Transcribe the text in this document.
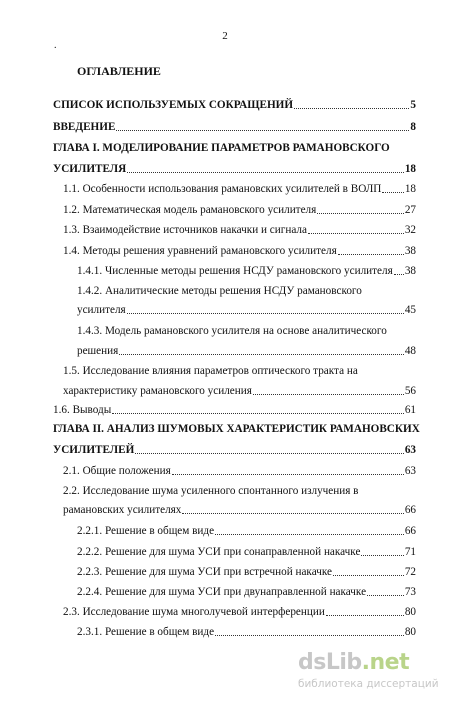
2
.
ОГЛАВЛЕНИЕ
СПИСОК ИСПОЛЬЗУЕМЫХ СОКРАЩЕНИЙ	5
ВВЕДЕНИЕ	8
ГЛАВА I. МОДЕЛИРОВАНИЕ ПАРАМЕТРОВ РАМАНОВСКОГО
УСИЛИТЕЛЯ	18
1.1. Особенности использования рамановских усилителей в ВОЛП 18
1.2. Математическая модель рамановского усилителя	27
1.3. Взаимодействие источников накачки и сигнала	32
1.4. Методы решения уравнений рамановского усилителя	38
1.4.1. Численные методы решения НСДУ рамановского усилителя 38
1.4.2. Аналитические методы решения НСДУ рамановского
усилителя	45
1.4.3. Модель рамановского усилителя на основе аналитического
решения	48
1.5. Исследование влияния параметров оптического тракта на
характеристику рамановского усиления	56
1.6. Выводы	61
ГЛАВА II. АНАЛИЗ ШУМОВЫХ ХАРАКТЕРИСТИК РАМАНОВСКИХ
УСИЛИТЕЛЕЙ	63
2.1. Общие положения	63
2.2. Исследование шума усиленного спонтанного излучения в
рамановских усилителях	66
2.2.1. Решение в общем виде	66
2.2.2. Решение для шума УСИ при сонаправленной накачке	71
2.2.3. Решение для шума УСИ при встречной накачке	72
2.2.4. Решение для шума УСИ при двунаправленной накачке	73
2.3. Исследование шума многолучевой интерференции	80
2.3.1. Решение в общем виде	80
dsLib.net
библиотека диссертаций
